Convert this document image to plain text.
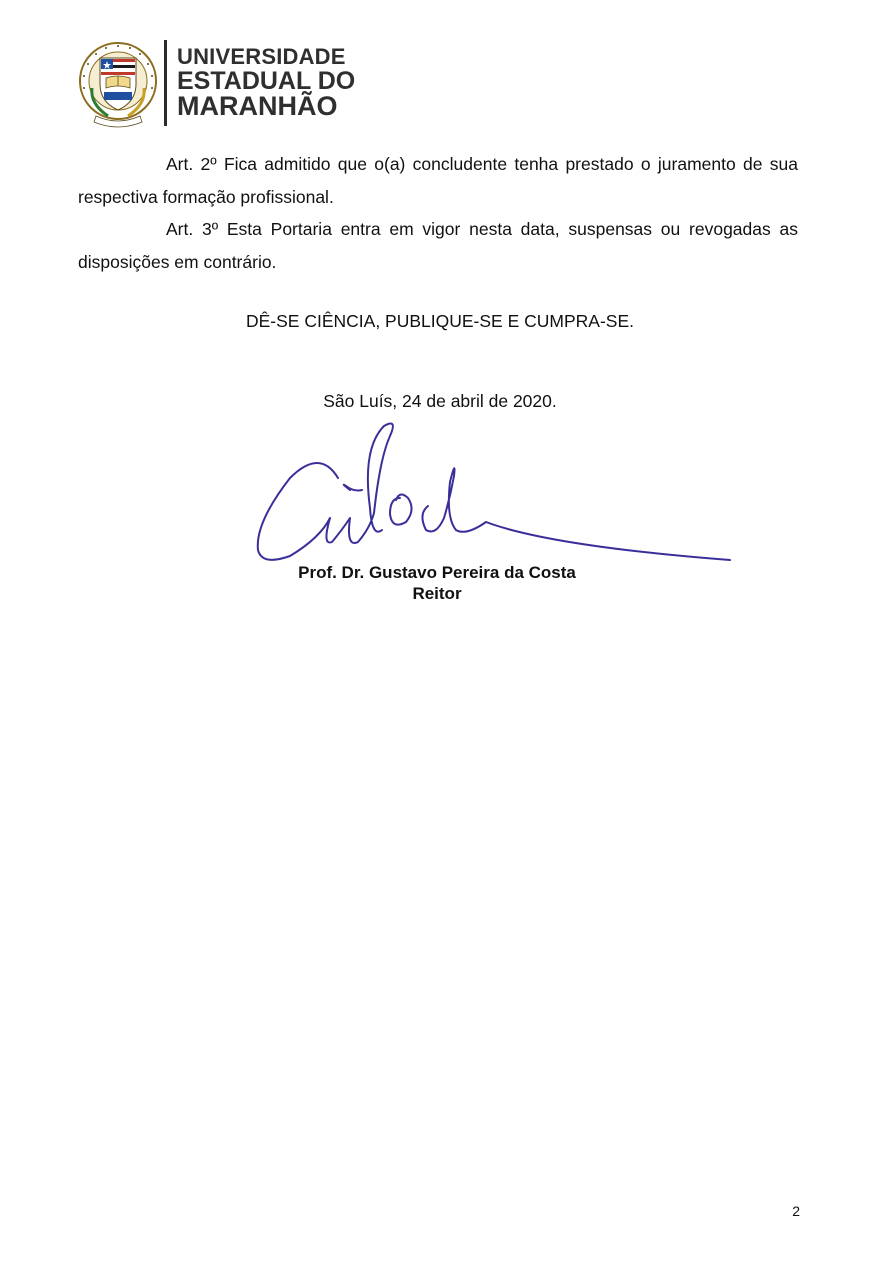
UNIVERSIDADE
ESTADUAL DO
MARANHÃO
Art. 2º Fica admitido que o(a) concludente tenha prestado o juramento de sua respectiva formação profissional.
Art. 3º Esta Portaria entra em vigor nesta data, suspensas ou revogadas as disposições em contrário.
DÊ-SE CIÊNCIA, PUBLIQUE-SE E CUMPRA-SE.
São Luís, 24 de abril de 2020.
Prof. Dr. Gustavo Pereira da Costa
Reitor
2
